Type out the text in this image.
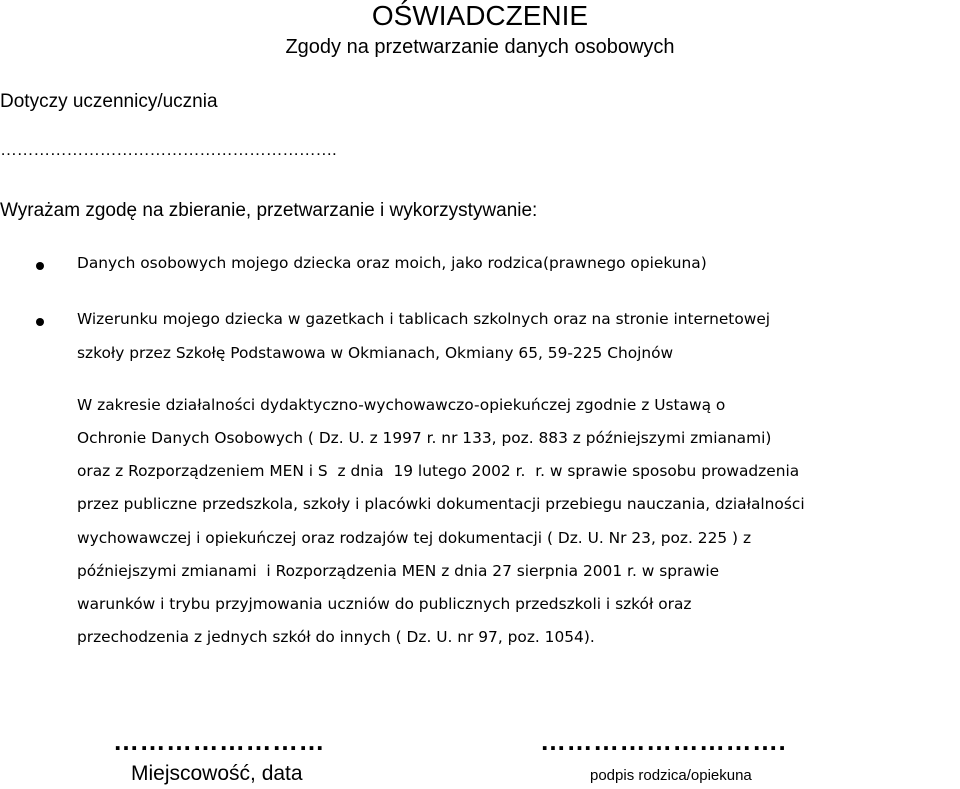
OŚWIADCZENIE
Zgody na przetwarzanie danych osobowych
Dotyczy uczennicy/ucznia
…………………………………………………….
Wyrażam zgodę na zbieranie, przetwarzanie i wykorzystywanie:
Danych osobowych mojego dziecka oraz moich, jako rodzica(prawnego opiekuna)
Wizerunku mojego dziecka w gazetkach i tablicach szkolnych oraz na stronie internetowej
szkoły przez Szkołę Podstawowa w Okmianach, Okmiany 65, 59-225 Chojnów
W zakresie działalności dydaktyczno-wychowawczo-opiekuńczej zgodnie z Ustawą o
Ochronie Danych Osobowych ( Dz. U. z 1997 r. nr 133, poz. 883 z późniejszymi zmianami)
oraz z Rozporządzeniem MEN i S  z dnia  19 lutego 2002 r.  r. w sprawie sposobu prowadzenia
przez publiczne przedszkola, szkoły i placówki dokumentacji przebiegu nauczania, działalności
wychowawczej i opiekuńczej oraz rodzajów tej dokumentacji ( Dz. U. Nr 23, poz. 225 ) z
późniejszymi zmianami  i Rozporządzenia MEN z dnia 27 sierpnia 2001 r. w sprawie
warunków i trybu przyjmowania uczniów do publicznych przedszkoli i szkół oraz
przechodzenia z jednych szkół do innych ( Dz. U. nr 97, poz. 1054).
……………………
Miejscowość, data
……………………….
podpis rodzica/opiekuna
